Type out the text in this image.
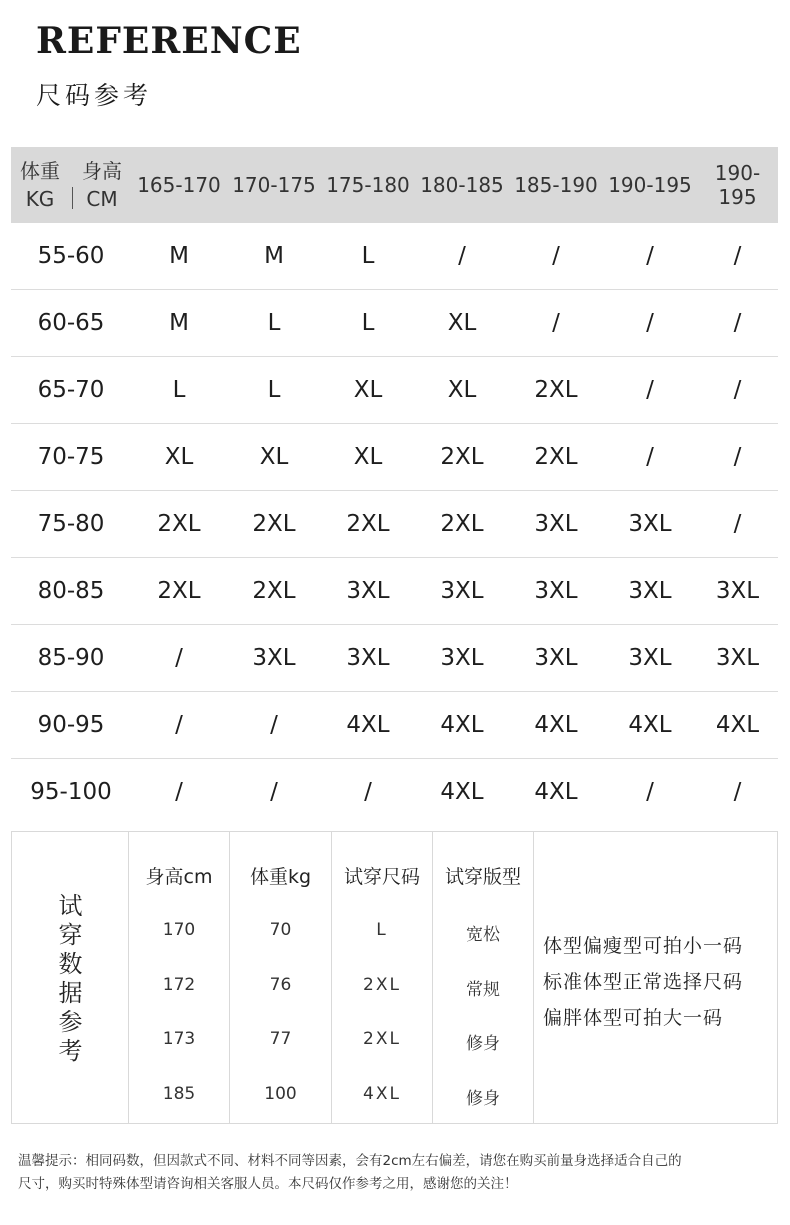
REFERENCE
尺码参考
体重
KG
身高
CM	165-170	170-175	175-180	180-185	185-190	190-195	190-195
55-60	M	M	L	/	/	/	/
60-65	M	L	L	XL	/	/	/
65-70	L	L	XL	XL	2XL	/	/
70-75	XL	XL	XL	2XL	2XL	/	/
75-80	2XL	2XL	2XL	2XL	3XL	3XL	/
80-85	2XL	2XL	3XL	3XL	3XL	3XL	3XL
85-90	/	3XL	3XL	3XL	3XL	3XL	3XL
90-95	/	/	4XL	4XL	4XL	4XL	4XL
95-100	/	/	/	4XL	4XL	/	/
试
穿
数
据
参
考
身高cm	体重kg	试穿尺码	试穿版型
170	70	L	宽松
172	76	2XL	常规
173	77	2XL	修身
185	100	4XL	修身
体型偏瘦型可拍小一码
标准体型正常选择尺码
偏胖体型可拍大一码
温馨提示：相同码数，但因款式不同、材料不同等因素，会有2cm左右偏差，请您在购买前量身选择适合自己的
尺寸，购买时特殊体型请咨询相关客服人员。本尺码仅作参考之用，感谢您的关注！
